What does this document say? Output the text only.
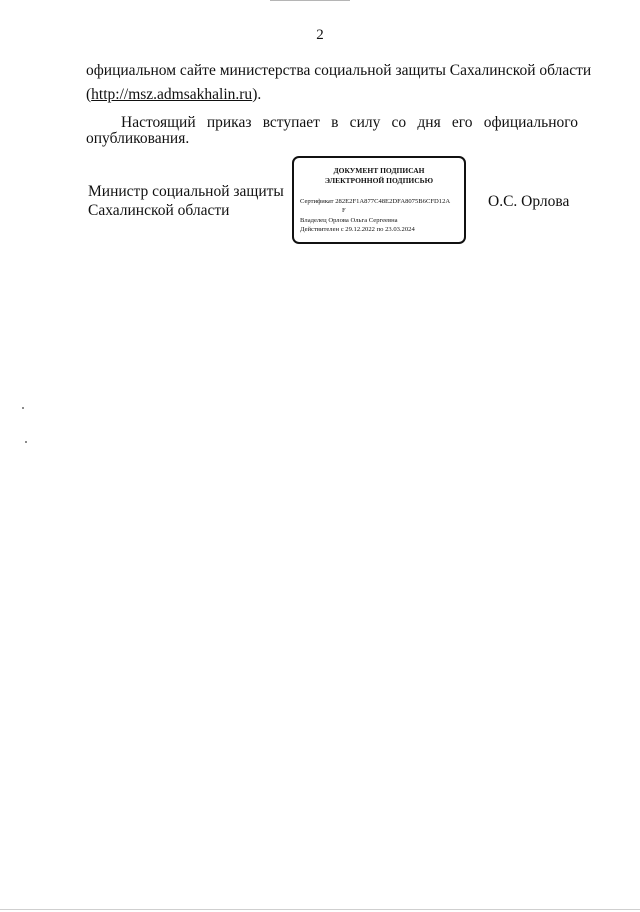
2
официальном сайте министерства социальной защиты Сахалинской области
(http://msz.admsakhalin.ru).
Настоящий приказ вступает в силу со дня его официального
опубликования.
Министр социальной защиты
Сахалинской области
ДОКУМЕНТ ПОДПИСАН
ЭЛЕКТРОННОЙ ПОДПИСЬЮ
Сертификат 282E2F1A877C48E2DFA8075B6CFD12A
F
Владелец Орлова Ольга Сергеевна
Действителен с 29.12.2022 по 23.03.2024
О.С. Орлова
